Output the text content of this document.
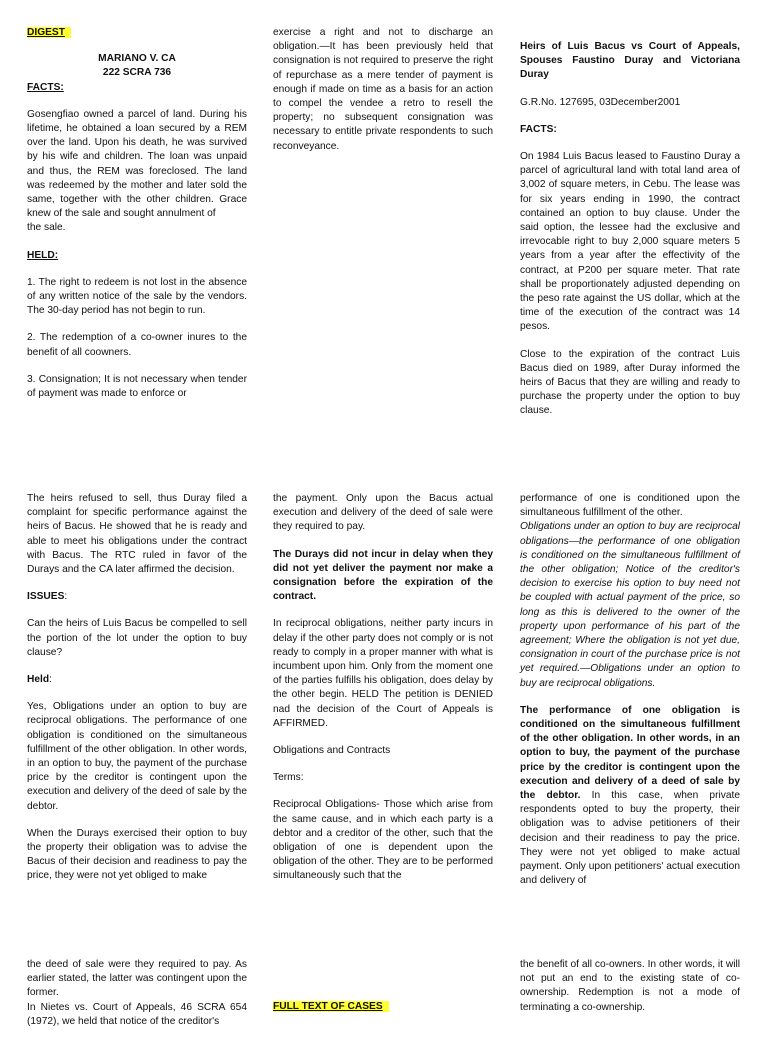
DIGEST

MARIANO V. CA

222 SCRA 736

FACTS:

Gosengfiao owned a parcel of land. During his lifetime, he obtained a loan secured by a REM over the land. Upon his death, he was survived by his wife and children. The loan was unpaid and thus, the REM was foreclosed. The land was redeemed by the mother and later sold the same, together with the other children. Grace knew of the sale and sought annulment of

the sale.

HELD:

1. The right to redeem is not lost in the absence of any written notice of the sale by the vendors. The 30-day period has not begin to run.

2. The redemption of a co-owner inures to the benefit of all coowners.

3. Consignation; It is not necessary when tender of payment was made to enforce or

exercise a right and not to discharge an obligation.—It has been previously held that consignation is not required to preserve the right of repurchase as a mere tender of payment is enough if made on time as a basis for an action to compel the vendee a retro to resell the property; no subsequent consignation was necessary to entitle private respondents to such reconveyance.

Heirs of Luis Bacus vs Court of Appeals, Spouses Faustino Duray and Victoriana Duray

G.R.No. 127695, 03December2001

FACTS:

On 1984 Luis Bacus leased to Faustino Duray a parcel of agricultural land with total land area of 3,002 of square meters, in Cebu. The lease was for six years ending in 1990, the contract contained an option to buy clause. Under the said option, the lessee had the exclusive and irrevocable right to buy 2,000 square meters 5 years from a year after the effectivity of the contract, at P200 per square meter. That rate shall be proportionately adjusted depending on the peso rate against the US dollar, which at the time of the execution of the contract was 14 pesos.

Close to the expiration of the contract Luis Bacus died on 1989, after Duray informed the heirs of Bacus that they are willing and ready to purchase the property under the option to buy clause.

The heirs refused to sell, thus Duray filed a complaint for specific performance against the heirs of Bacus. He showed that he is ready and able to meet his obligations under the contract with Bacus. The RTC ruled in favor of the Durays and the CA later affirmed the decision.

ISSUES:

Can the heirs of Luis Bacus be compelled to sell the portion of the lot under the option to buy clause?

Held:

Yes, Obligations under an option to buy are reciprocal obligations. The performance of one obligation is conditioned on the simultaneous fulfillment of the other obligation. In other words, in an option to buy, the payment of the purchase price by the creditor is contingent upon the execution and delivery of the deed of sale by the debtor.

When the Durays exercised their option to buy the property their obligation was to advise the Bacus of their decision and readiness to pay the price, they were not yet obliged to make

the payment. Only upon the Bacus actual execution and delivery of the deed of sale were they required to pay.

The Durays did not incur in delay when they did not yet deliver the payment nor make a consignation before the expiration of the contract.

In reciprocal obligations, neither party incurs in delay if the other party does not comply or is not ready to comply in a proper manner with what is incumbent upon him. Only from the moment one of the parties fulfills his obligation, does delay by the other begin. HELD The petition is DENIED nad the decision of the Court of Appeals is AFFIRMED.

Obligations and Contracts

Terms:

Reciprocal Obligations- Those which arise from the same cause, and in which each party is a debtor and a creditor of the other, such that the obligation of one is dependent upon the obligation of the other. They are to be performed simultaneously such that the

performance of one is conditioned upon the simultaneous fulfillment of the other.

Obligations under an option to buy are reciprocal obligations—the performance of one obligation is conditioned on the simultaneous fulfillment of the other obligation; Notice of the creditor's decision to exercise his option to buy need not be coupled with actual payment of the price, so long as this is delivered to the owner of the property upon performance of his part of the agreement; Where the obligation is not yet due, consignation in court of the purchase price is not yet required.—Obligations under an option to buy are reciprocal obligations.

The performance of one obligation is conditioned on the simultaneous fulfillment of the other obligation. In other words, in an option to buy, the payment of the purchase price by the creditor is contingent upon the execution and delivery of a deed of sale by the debtor. In this case, when private respondents opted to buy the property, their obligation was to advise petitioners of their decision and their readiness to pay the price. They were not yet obliged to make actual payment. Only upon petitioners' actual execution and delivery of

the deed of sale were they required to pay. As earlier stated, the latter was contingent upon the former.

In Nietes vs. Court of Appeals, 46 SCRA 654 (1972), we held that notice of the creditor's

FULL TEXT OF CASES

the benefit of all co-owners. In other words, it will not put an end to the existing state of co-ownership. Redemption is not a mode of terminating a co-ownership.
